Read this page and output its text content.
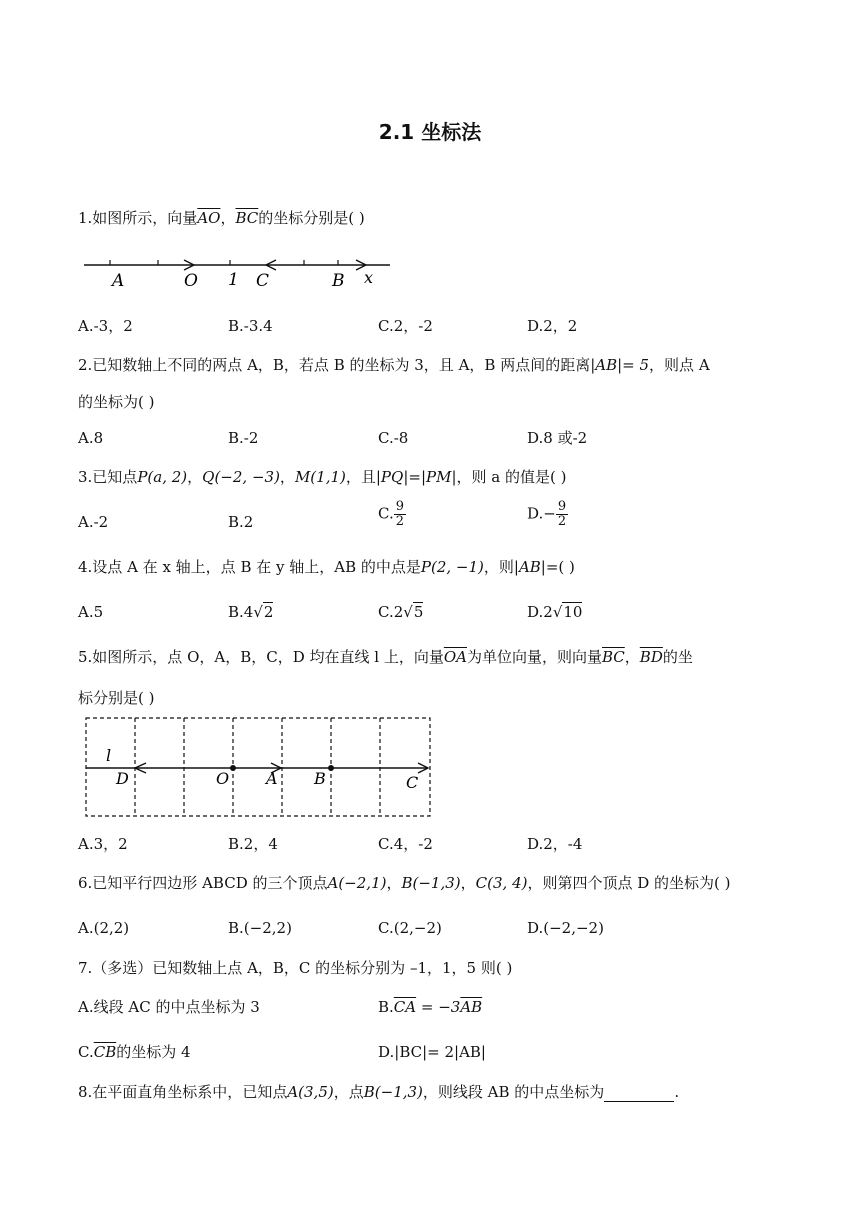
2.1 坐标法
1.如图所示，向量$\overline{AO}$，$\overline{BC}$的坐标分别是( )
A	O 1 C	B x
A.-3，2	B.-3.4	C.2，-2	D.2，2
2.已知数轴上不同的两点 A，B，若点 B 的坐标为 3，且 A，B 两点间的距离|AB|= 5，则点 A
的坐标为( )
A.8	B.-2	C.-8	D.8 或-2
3.已知点P(a, 2)，Q(−2, −3)，M(1,1)，且|PQ|=|PM|，则 a 的值是( )
A.-2	B.2	C. $\frac{9}{2}$	$D.- \frac{9}{2}$
4.设点 A 在 x 轴上，点 B 在 y 轴上，AB 的中点是P(2, −1)，则|AB|=( )
A.5	B.4√2	C.2√5	D.2√10
5.如图所示，点 O，A，B，C，D 均在直线 l 上，向量$\overline{OA}$为单位向量，则向量$\overline{BC}$，$\overline{BD}$的坐
标分别是( )
l
D	O A B	C
A.3，2	B.2，4	C.4，-2	D.2，-4
6.已知平行四边形 ABCD 的三个顶点A(−2,1)，B(−1,3)，C(3, 4)，则第四个顶点 D 的坐标为( )
A.(2,2)	B.(−2,2)	C.(2,−2)	D.(−2,−2)
7.（多选）已知数轴上点 A，B，C 的坐标分别为 –1，1，5 则( )
A.线段 AC 的中点坐标为 3	$B.\overline{CA} = -3\overline{AB}$
$C.\overline{CB}$的坐标为 4	D.|BC|= 2|AB|
8.在平面直角坐标系中，已知点A(3,5)，点B(−1,3)，则线段 AB 的中点坐标为	.
